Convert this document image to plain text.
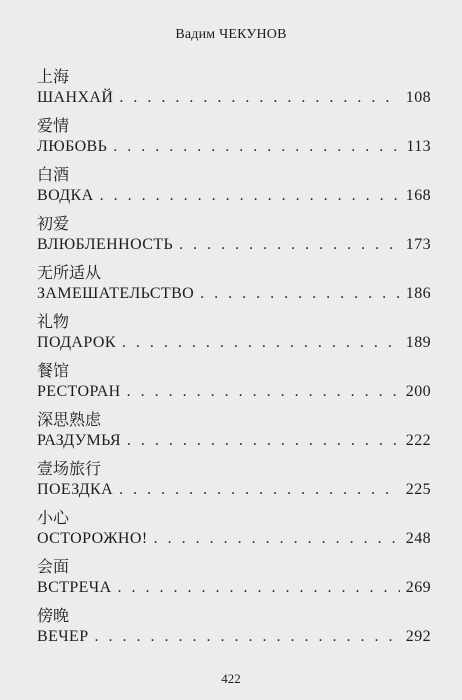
Вадим ЧЕКУНОВ
上海
ШАНХАЙ . . .	108
爱情
ЛЮБОВЬ . . .	113
白酒
ВОДКА . . .	168
初爱
ВЛЮБЛЕННОСТЬ . . .	173
无所适从
ЗАМЕШАТЕЛЬСТВО . . .	186
礼物
ПОДАРОК . . .	189
餐馆
РЕСТОРАН . . .	200
深思熟虑
РАЗДУМЬЯ . . .	222
壹场旅行
ПОЕЗДКА . . .	225
小心
ОСТОРОЖНО! . . .	248
会面
ВСТРЕЧА . . .	269
傍晚
ВЕЧЕР . . .	292
422
